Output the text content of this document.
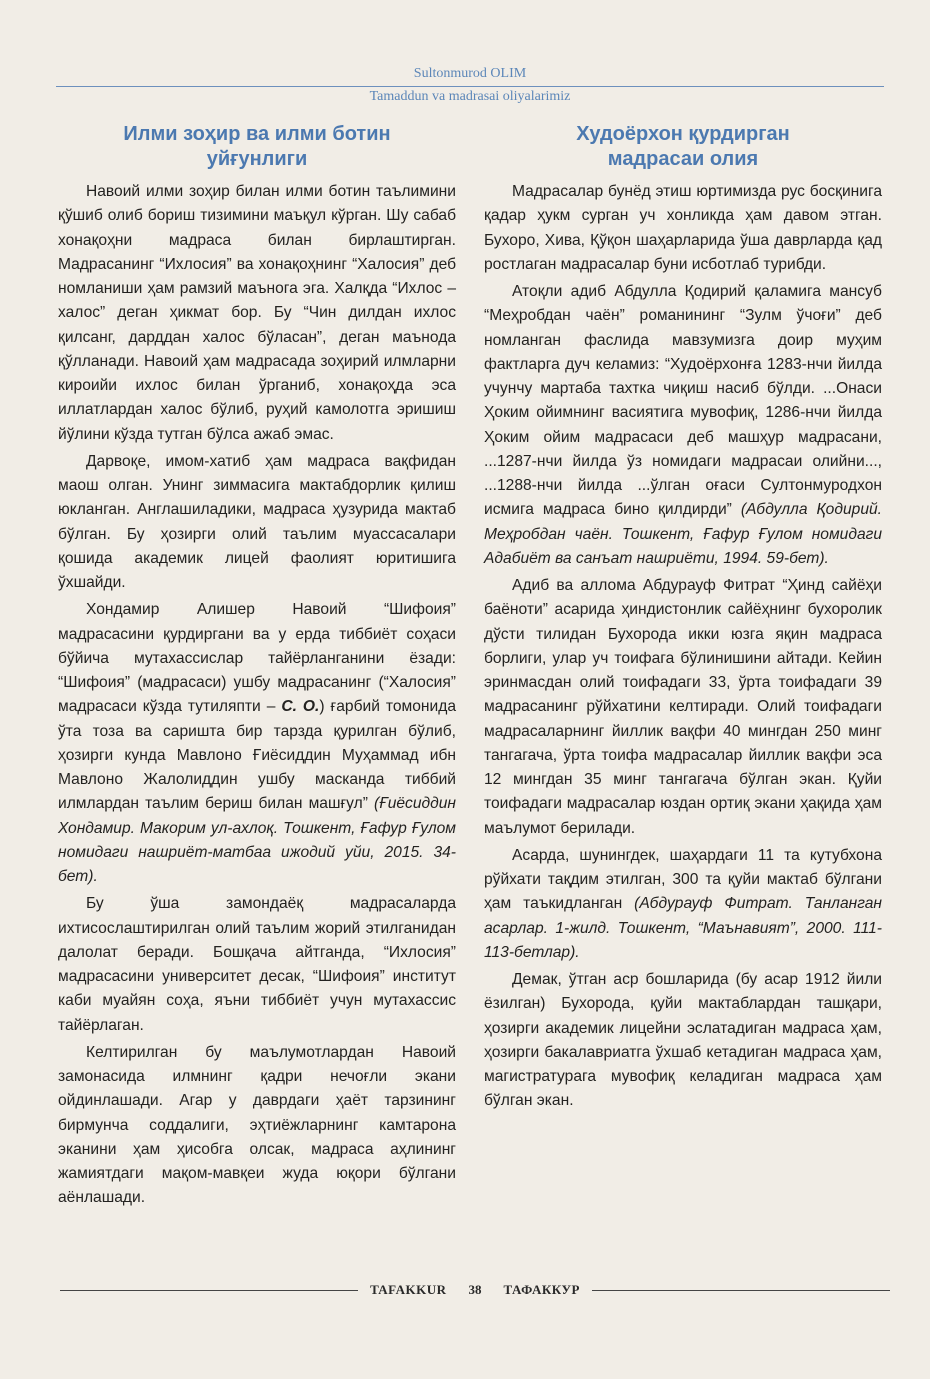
Sultonmurod OLIM
Tamaddun va madrasai oliyalarimiz
Илми зоҳир ва илми ботин
уйғунлиги

Навоий илми зоҳир билан илми ботин таълимини қўшиб олиб бориш тизимини маъқул кўрган. Шу сабаб хонақоҳни мадраса билан бирлаштирган. Мадрасанинг “Ихлосия” ва хонақоҳнинг “Халосия” деб номланиши ҳам рамзий маънога эга. Халқда “Ихлос – халос” деган ҳикмат бор. Бу “Чин дилдан ихлос қилсанг, дарддан халос бўласан”, деган маънода қўлланади. Навоий ҳам мадрасада зоҳирий илмларни кироийи ихлос билан ўрганиб, хонақоҳда эса иллатлардан халос бўлиб, руҳий камолотга эришиш йўлини кўзда тутган бўлса ажаб эмас.

Дарвоқе, имом-хатиб ҳам мадраса вақфидан маош олган. Унинг зиммасига мактабдорлик қилиш юкланган. Англашиладики, мадраса ҳузурида мактаб бўлган. Бу ҳозирги олий таълим муассасалари қошида академик лицей фаолият юритишига ўхшайди.

Хондамир Алишер Навоий “Шифоия” мадрасасини қурдиргани ва у ерда тиббиёт соҳаси бўйича мутахассислар тайёрланганини ёзади: “Шифоия” (мадрасаси) ушбу мадрасанинг (“Халосия” мадрасаси кўзда тутиляпти – С. О.) ғарбий томонида ўта тоза ва саришта бир тарзда қурилган бўлиб, ҳозирги кунда Мавлоно Ғиёсиддин Муҳаммад ибн Мавлоно Жалолиддин ушбу масканда тиббий илмлардан таълим бериш билан машғул” (Ғиёсиддин Хондамир. Макорим ул-ахлоқ. Тошкент, Ғафур Ғулом номидаги нашриёт-матбаа ижодий уйи, 2015. 34-бет).

Бу ўша замондаёқ мадрасаларда ихтисослаштирилган олий таълим жорий этилганидан далолат беради. Бошқача айтганда, “Ихлосия” мадрасасини университет десак, “Шифоия” институт каби муайян соҳа, яъни тиббиёт учун мутахассис тайёрлаган.

Келтирилган бу маълумотлардан Навоий замонасида илмнинг қадри нечоғли экани ойдинлашади. Агар у даврдаги ҳаёт тарзининг бирмунча соддалиги, эҳтиёжларнинг камтарона эканини ҳам ҳисобга олсак, мадраса аҳлининг жамиятдаги мақом-мавқеи жуда юқори бўлгани аёнлашади.

Худоёрхон қурдирган
мадрасаи олия

Мадрасалар бунёд этиш юртимизда рус босқинига қадар ҳукм сурган уч хонликда ҳам давом этган. Бухоро, Хива, Қўқон шаҳарларида ўша даврларда қад ростлаган мадрасалар буни исботлаб турибди.

Атоқли адиб Абдулла Қодирий қаламига мансуб “Меҳробдан чаён” романининг “Зулм ўчоғи” деб номланган фаслида мавзумизга доир муҳим фактларга дуч келамиз: “Худоёрхонға 1283-нчи йилда учунчу мартаба тахтка чиқиш насиб бўлди. ...Онаси Ҳоким ойимнинг васиятига мувофиқ, 1286-нчи йилда Ҳоким ойим мадрасаси деб машҳур мадрасани, ...1287-нчи йилда ўз номидаги мадрасаи олийни..., ...1288-нчи йилда ...ўлган оғаси Султонмуродхон исмига мадраса бино қилдирди” (Абдулла Қодирий. Меҳробдан чаён. Тошкент, Ғафур Ғулом номидаги Адабиёт ва санъат нашриёти, 1994. 59-бет).

Адиб ва аллома Абдурауф Фитрат “Ҳинд сайёҳи баёноти” асарида ҳиндистонлик сайёҳнинг бухоролик дўсти тилидан Бухорода икки юзга яқин мадраса борлиги, улар уч тоифага бўлинишини айтади. Кейин эринмасдан олий тоифадаги 33, ўрта тоифадаги 39 мадрасанинг рўйхатини келтиради. Олий тоифадаги мадрасаларнинг йиллик вақфи 40 мингдан 250 минг тангагача, ўрта тоифа мадрасалар йиллик вақфи эса 12 мингдан 35 минг тангагача бўлган экан. Қуйи тоифадаги мадрасалар юздан ортиқ экани ҳақида ҳам маълумот берилади.

Асарда, шунингдек, шаҳардаги 11 та кутубхона рўйхати тақдим этилган, 300 та қуйи мактаб бўлгани ҳам таъкидланган (Абдурауф Фитрат. Танланган асарлар. 1-жилд. Тошкент, “Маънавият”, 2000. 111-113-бетлар).

Демак, ўтган аср бошларида (бу асар 1912 йили ёзилган) Бухорода, қуйи мактаблардан ташқари, ҳозирги академик лицейни эслатадиган мадраса ҳам, ҳозирги бакалавриатга ўхшаб кетадиган мадраса ҳам, магистратурага мувофиқ келадиган мадраса ҳам бўлган экан.

TAFAKKUR	38	ТАФАККУР
